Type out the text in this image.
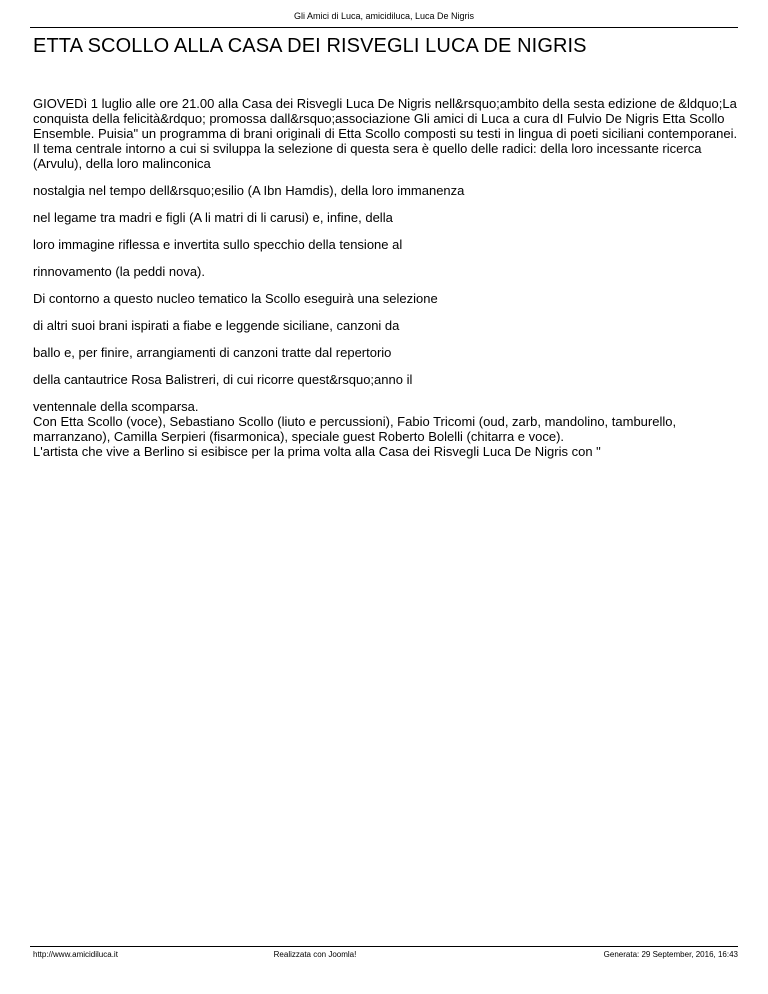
Gli Amici di Luca, amicidiluca, Luca De Nigris
ETTA SCOLLO ALLA CASA DEI RISVEGLI LUCA DE NIGRIS

GIOVEDì 1 luglio alle ore 21.00 alla Casa dei Risvegli Luca De Nigris nell&rsquo;ambito della sesta edizione de &ldquo;La conquista della felicità&rdquo; promossa dall&rsquo;associazione Gli amici di Luca a cura dI Fulvio De Nigris Etta Scollo Ensemble. Puisia" un programma di brani originali di Etta Scollo composti su testi in lingua di poeti siciliani contemporanei. Il tema centrale intorno a cui si sviluppa la selezione di questa sera è quello delle radici: della loro incessante ricerca (Arvulu), della loro malinconica

nostalgia nel tempo dell&rsquo;esilio (A Ibn Hamdis), della loro immanenza

nel legame tra madri e figli (A li matri di li carusi) e, infine, della

loro immagine riflessa e invertita sullo specchio della tensione al

rinnovamento (la peddi nova).

Di contorno a questo nucleo tematico la Scollo eseguirà una selezione

di altri suoi brani ispirati a fiabe e leggende siciliane, canzoni da

ballo e, per finire, arrangiamenti di canzoni tratte dal repertorio

della cantautrice Rosa Balistreri, di cui ricorre quest&rsquo;anno il

ventennale della scomparsa.

Con Etta Scollo (voce), Sebastiano Scollo (liuto e percussioni), Fabio Tricomi (oud, zarb, mandolino, tamburello, marranzano), Camilla Serpieri (fisarmonica), speciale guest Roberto Bolelli (chitarra e voce).

L'artista che vive a Berlino si esibisce per la prima volta alla Casa dei Risvegli Luca De Nigris con "

http://www.amicidiluca.it	Realizzata con Joomla!	Generata: 29 September, 2016, 16:43
